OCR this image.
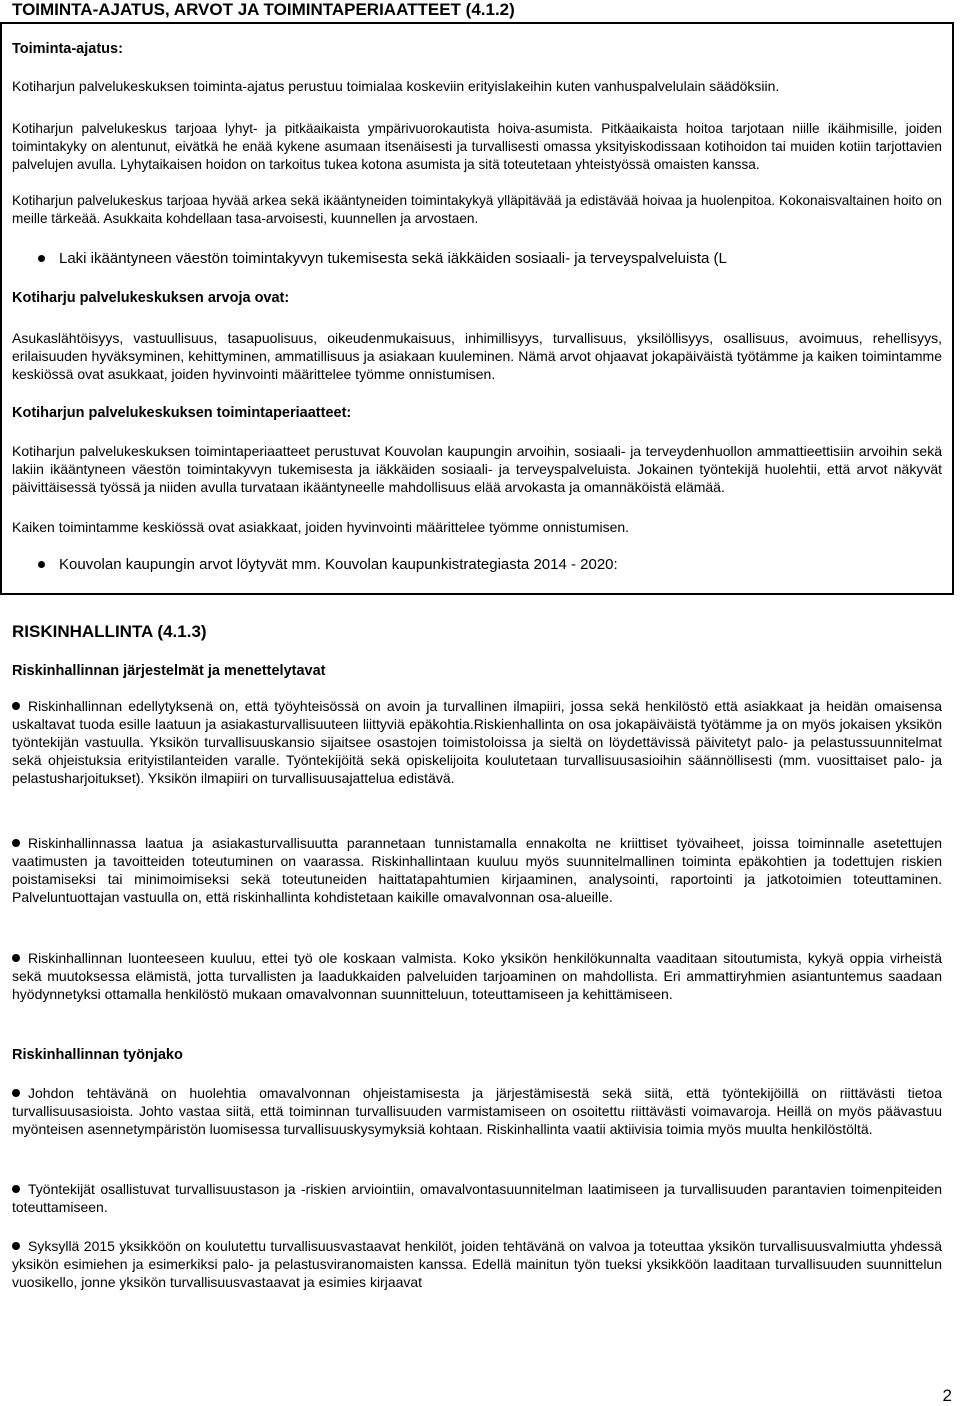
TOIMINTA-AJATUS, ARVOT JA TOIMINTAPERIAATTEET (4.1.2)
Toiminta-ajatus:
Kotiharjun palvelukeskuksen toiminta-ajatus perustuu toimialaa koskeviin erityislakeihin kuten vanhuspalvelulain säädöksiin.
Kotiharjun palvelukeskus tarjoaa lyhyt- ja pitkäaikaista ympärivuorokautista hoiva-asumista. Pitkäaikaista hoitoa tarjotaan niille ikäihmisille, joiden toimintakyky on alentunut, eivätkä he enää kykene asumaan itsenäisesti ja turvallisesti omassa yksityiskodissaan kotihoidon tai muiden kotiin tarjottavien palvelujen avulla. Lyhytaikaisen hoidon on tarkoitus tukea kotona asumista ja sitä toteutetaan yhteistyössä omaisten kanssa.
Kotiharjun palvelukeskus tarjoaa hyvää arkea sekä ikääntyneiden toimintakykyä ylläpitävää ja edistävää hoivaa ja huolenpitoa. Kokonaisvaltainen hoito on meille tärkeää. Asukkaita kohdellaan tasa-arvoisesti, kuunnellen ja arvostaen.
Laki ikääntyneen väestön toimintakyvyn tukemisesta sekä iäkkäiden sosiaali- ja terveyspalveluista (L
Kotiharju palvelukeskuksen arvoja ovat:
Asukaslähtöisyys, vastuullisuus, tasapuolisuus, oikeudenmukaisuus, inhimillisyys, turvallisuus, yksilöllisyys, osallisuus, avoimuus, rehellisyys, erilaisuuden hyväksyminen, kehittyminen, ammatillisuus ja asiakaan kuuleminen. Nämä arvot ohjaavat jokapäiväistä työtämme ja kaiken toimintamme keskiössä ovat asukkaat, joiden hyvinvointi määrittelee työmme onnistumisen.
Kotiharjun palvelukeskuksen toimintaperiaatteet:
Kotiharjun palvelukeskuksen toimintaperiaatteet perustuvat Kouvolan kaupungin arvoihin, sosiaali- ja terveydenhuollon ammattieettisiin arvoihin sekä lakiin ikääntyneen väestön toimintakyvyn tukemisesta ja iäkkäiden sosiaali- ja terveyspalveluista. Jokainen työntekijä huolehtii, että arvot näkyvät päivittäisessä työssä ja niiden avulla turvataan ikääntyneelle mahdollisuus elää arvokasta ja omannäköistä elämää.
Kaiken toimintamme keskiössä ovat asiakkaat, joiden hyvinvointi määrittelee työmme onnistumisen.
Kouvolan kaupungin arvot löytyvät mm. Kouvolan kaupunkistrategiasta 2014 - 2020:
RISKINHALLINTA (4.1.3)
Riskinhallinnan järjestelmät ja menettelytavat
Riskinhallinnan edellytyksenä on, että työyhteisössä on avoin ja turvallinen ilmapiiri, jossa sekä henkilöstö että asiakkaat ja heidän omaisensa uskaltavat tuoda esille laatuun ja asiakasturvallisuuteen liittyviä epäkohtia.Riskienhallinta on osa jokapäiväistä työtämme ja on myös jokaisen yksikön työntekijän vastuulla. Yksikön turvallisuuskansio sijaitsee osastojen toimistoloissa ja sieltä on löydettävissä päivitetyt palo- ja pelastussuunnitelmat sekä ohjeistuksia erityistilanteiden varalle. Työntekijöitä sekä opiskelijoita koulutetaan turvallisuusasioihin säännöllisesti (mm. vuosittaiset palo- ja pelastusharjoitukset). Yksikön ilmapiiri on turvallisuusajattelua edistävä.
Riskinhallinnassa laatua ja asiakasturvallisuutta parannetaan tunnistamalla ennakolta ne kriittiset työvaiheet, joissa toiminnalle asetettujen vaatimusten ja tavoitteiden toteutuminen on vaarassa. Riskinhallintaan kuuluu myös suunnitelmallinen toiminta epäkohtien ja todettujen riskien poistamiseksi tai minimoimiseksi sekä toteutuneiden haittatapahtumien kirjaaminen, analysointi, raportointi ja jatkotoimien toteuttaminen. Palveluntuottajan vastuulla on, että riskinhallinta kohdistetaan kaikille omavalvonnan osa-alueille.
Riskinhallinnan luonteeseen kuuluu, ettei työ ole koskaan valmista. Koko yksikön henkilökunnalta vaaditaan sitoutumista, kykyä oppia virheistä sekä muutoksessa elämistä, jotta turvallisten ja laadukkaiden palveluiden tarjoaminen on mahdollista. Eri ammattiryhmien asiantuntemus saadaan hyödynnetyksi ottamalla henkilöstö mukaan omavalvonnan suunnitteluun, toteuttamiseen ja kehittämiseen.
Riskinhallinnan työnjako
Johdon tehtävänä on huolehtia omavalvonnan ohjeistamisesta ja järjestämisestä sekä siitä, että työntekijöillä on riittävästi tietoa turvallisuusasioista. Johto vastaa siitä, että toiminnan turvallisuuden varmistamiseen on osoitettu riittävästi voimavaroja. Heillä on myös päävastuu myönteisen asennetympäristön luomisessa turvallisuuskysymyksiä kohtaan. Riskinhallinta vaatii aktiivisia toimia myös muulta henkilöstöltä.
Työntekijät osallistuvat turvallisuustason ja -riskien arviointiin, omavalvontasuunnitelman laatimiseen ja turvallisuuden parantavien toimenpiteiden toteuttamiseen.
Syksyllä 2015 yksikköön on koulutettu turvallisuusvastaavat henkilöt, joiden tehtävänä on valvoa ja toteuttaa yksikön turvallisuusvalmiutta yhdessä yksikön esimiehen ja esimerkiksi palo- ja pelastusviranomaisten kanssa. Edellä mainitun työn tueksi yksikköön laaditaan turvallisuuden suunnittelun vuosikello, jonne yksikön turvallisuusvastaavat ja esimies kirjaavat
2
